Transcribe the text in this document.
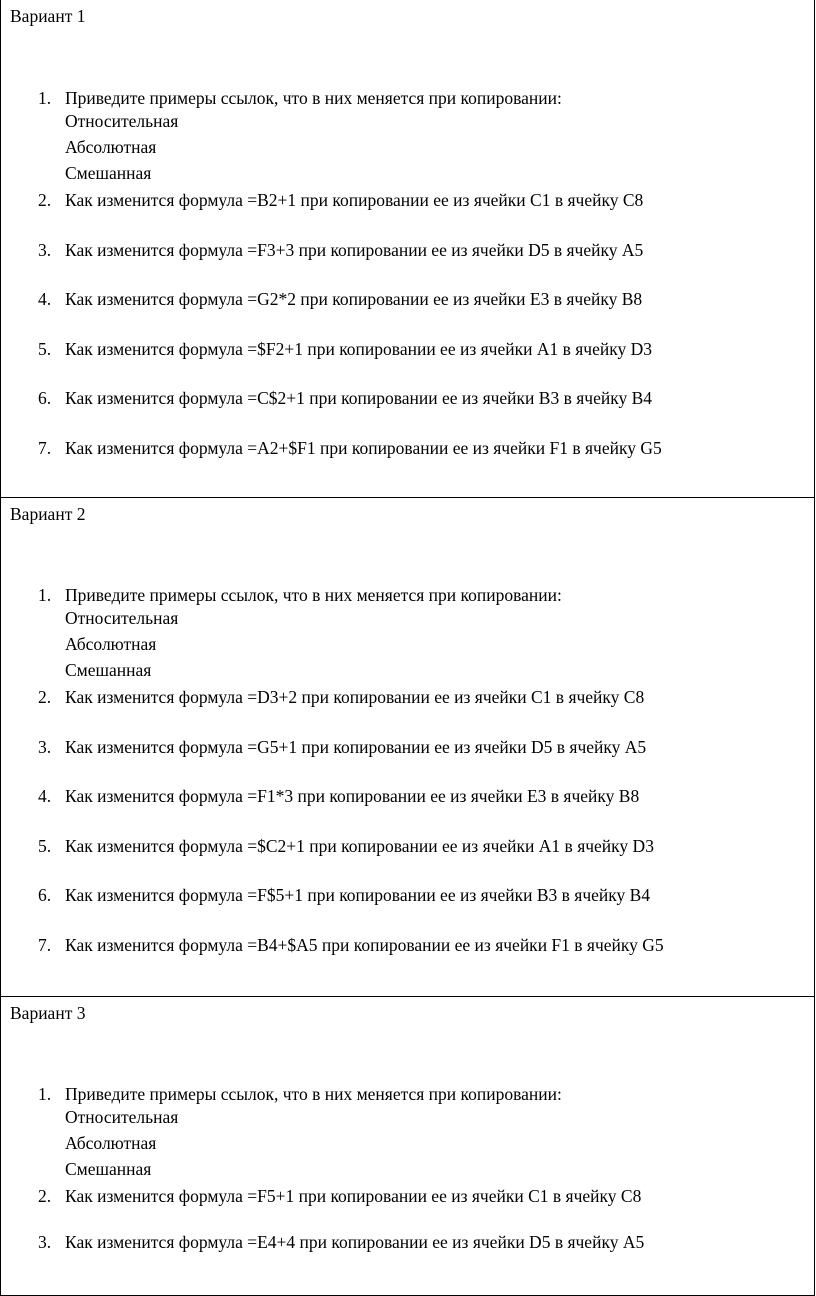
Вариант 1
1. Приведите примеры ссылок, что в них меняется при копировании:
Относительная
Абсолютная
Смешанная
2. Как изменится формула =B2+1 при копировании ее из ячейки С1 в ячейку С8
3. Как изменится формула =F3+3 при копировании ее из ячейки D5 в ячейку А5
4. Как изменится формула =G2*2 при копировании ее из ячейки E3 в ячейку В8
5. Как изменится формула =$F2+1 при копировании ее из ячейки А1 в ячейку D3
6. Как изменится формула =C$2+1 при копировании ее из ячейки В3 в ячейку В4
7. Как изменится формула =A2+$F1 при копировании ее из ячейки F1 в ячейку G5
Вариант 2
1. Приведите примеры ссылок, что в них меняется при копировании:
Относительная
Абсолютная
Смешанная
2. Как изменится формула =D3+2 при копировании ее из ячейки С1 в ячейку С8
3. Как изменится формула =G5+1 при копировании ее из ячейки D5 в ячейку А5
4. Как изменится формула =F1*3 при копировании ее из ячейки E3 в ячейку В8
5. Как изменится формула =$C2+1 при копировании ее из ячейки А1 в ячейку D3
6. Как изменится формула =F$5+1 при копировании ее из ячейки В3 в ячейку В4
7. Как изменится формула =B4+$A5 при копировании ее из ячейки F1 в ячейку G5
Вариант 3
1. Приведите примеры ссылок, что в них меняется при копировании:
Относительная
Абсолютная
Смешанная
2. Как изменится формула =F5+1 при копировании ее из ячейки С1 в ячейку С8
3. Как изменится формула =E4+4 при копировании ее из ячейки D5 в ячейку А5
